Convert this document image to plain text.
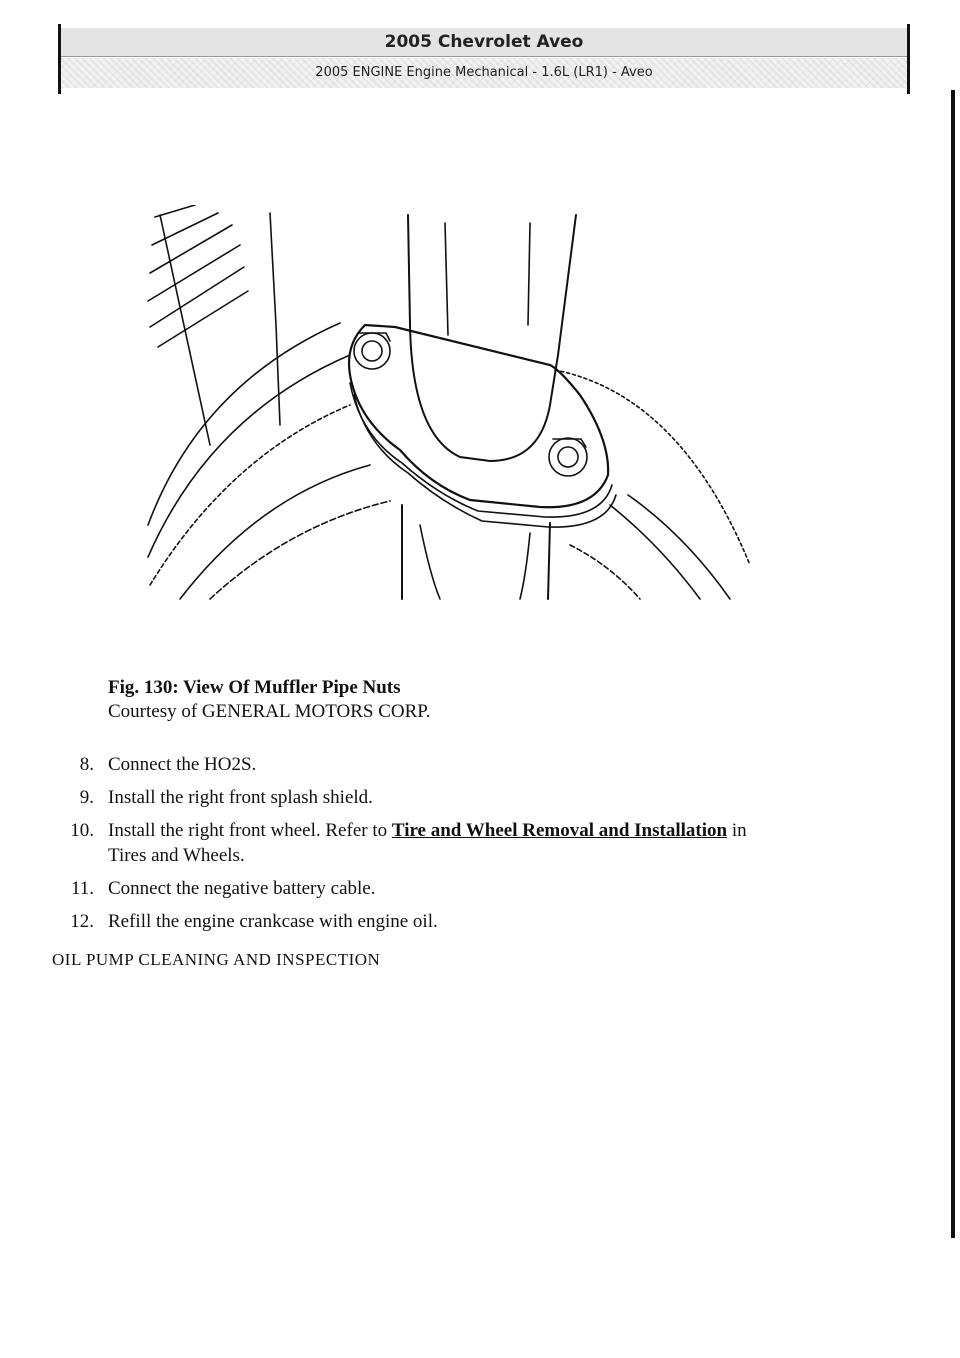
2005 Chevrolet Aveo
2005 ENGINE Engine Mechanical - 1.6L (LR1) - Aveo
Fig. 130: View Of Muffler Pipe Nuts
Courtesy of GENERAL MOTORS CORP.
8. Connect the HO2S.
9. Install the right front splash shield.
10. Install the right front wheel. Refer to Tire and Wheel Removal and Installation in
Tires and Wheels.
11. Connect the negative battery cable.
12. Refill the engine crankcase with engine oil.
OIL PUMP CLEANING AND INSPECTION
